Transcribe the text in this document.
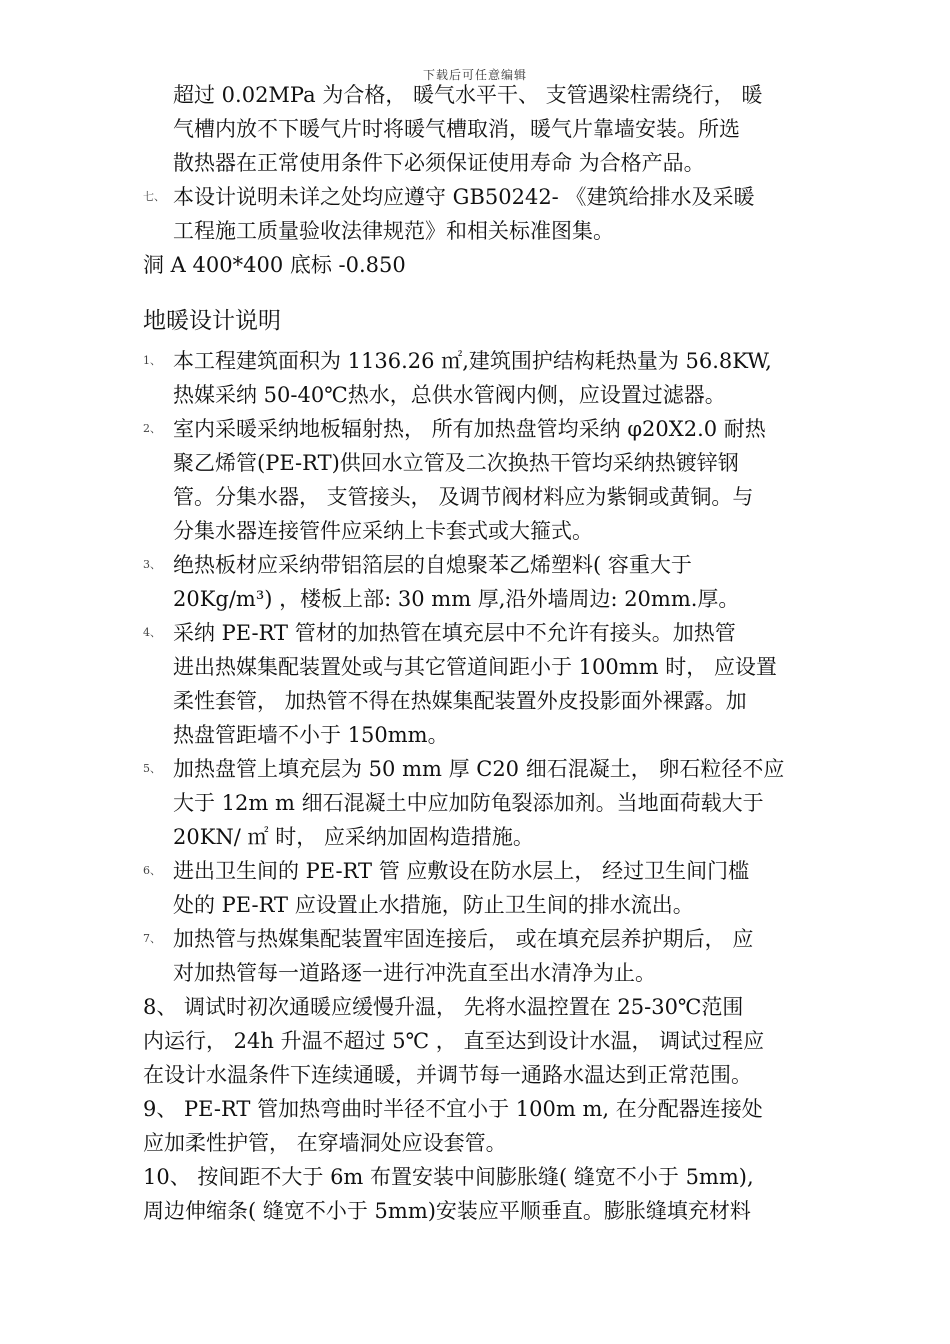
下载后可任意编辑
超过 0.02MPa 为合格， 暖气水平干、 支管遇梁柱需绕行， 暖
气槽内放不下暖气片时将暖气槽取消，暖气片靠墙安装。所选
散热器在正常使用条件下必须保证使用寿命 为合格产品。
七、 本设计说明未详之处均应遵守 GB50242- 《建筑给排水及采暖
工程施工质量验收法律规范》和相关标准图集。
洞 A 400*400 底标 -0.850
地暖设计说明
1、 本工程建筑面积为 1136.26 ㎡,建筑围护结构耗热量为 56.8KW,
热媒采纳 50-40℃热水，总供水管阀内侧，应设置过滤器。
2、 室内采暖采纳地板辐射热， 所有加热盘管均采纳 φ20X2.0 耐热
聚乙烯管(PE-RT)供回水立管及二次换热干管均采纳热镀锌钢
管。分集水器， 支管接头， 及调节阀材料应为紫铜或黄铜。与
分集水器连接管件应采纳上卡套式或大箍式。
3、 绝热板材应采纳带铝箔层的自熄聚苯乙烯塑料( 容重大于
20Kg/m³) ，楼板上部: 30 mm 厚,沿外墙周边: 20mm.厚。
4、 采纳 PE-RT 管材的加热管在填充层中不允许有接头。加热管
进出热媒集配装置处或与其它管道间距小于 100mm 时， 应设置
柔性套管， 加热管不得在热媒集配装置外皮投影面外裸露。加
热盘管距墙不小于 150mm。
5、 加热盘管上填充层为 50 mm 厚 C20 细石混凝土， 卵石粒径不应
大于 12m m 细石混凝土中应加防龟裂添加剂。当地面荷载大于
20KN/ ㎡ 时， 应采纳加固构造措施。
6、 进出卫生间的 PE-RT 管 应敷设在防水层上， 经过卫生间门槛
处的 PE-RT 应设置止水措施，防止卫生间的排水流出。
7、 加热管与热媒集配装置牢固连接后， 或在填充层养护期后， 应
对加热管每一道路逐一进行冲洗直至出水清净为止。
8、 调试时初次通暖应缓慢升温， 先将水温控置在 25-30℃范围
内运行， 24h 升温不超过 5℃ ， 直至达到设计水温， 调试过程应
在设计水温条件下连续通暖，并调节每一通路水温达到正常范围。
9、 PE-RT 管加热弯曲时半径不宜小于 100m m, 在分配器连接处
应加柔性护管， 在穿墙洞处应设套管。
10、 按间距不大于 6m 布置安装中间膨胀缝( 缝宽不小于 5mm),
周边伸缩条( 缝宽不小于 5mm)安装应平顺垂直。膨胀缝填充材料
